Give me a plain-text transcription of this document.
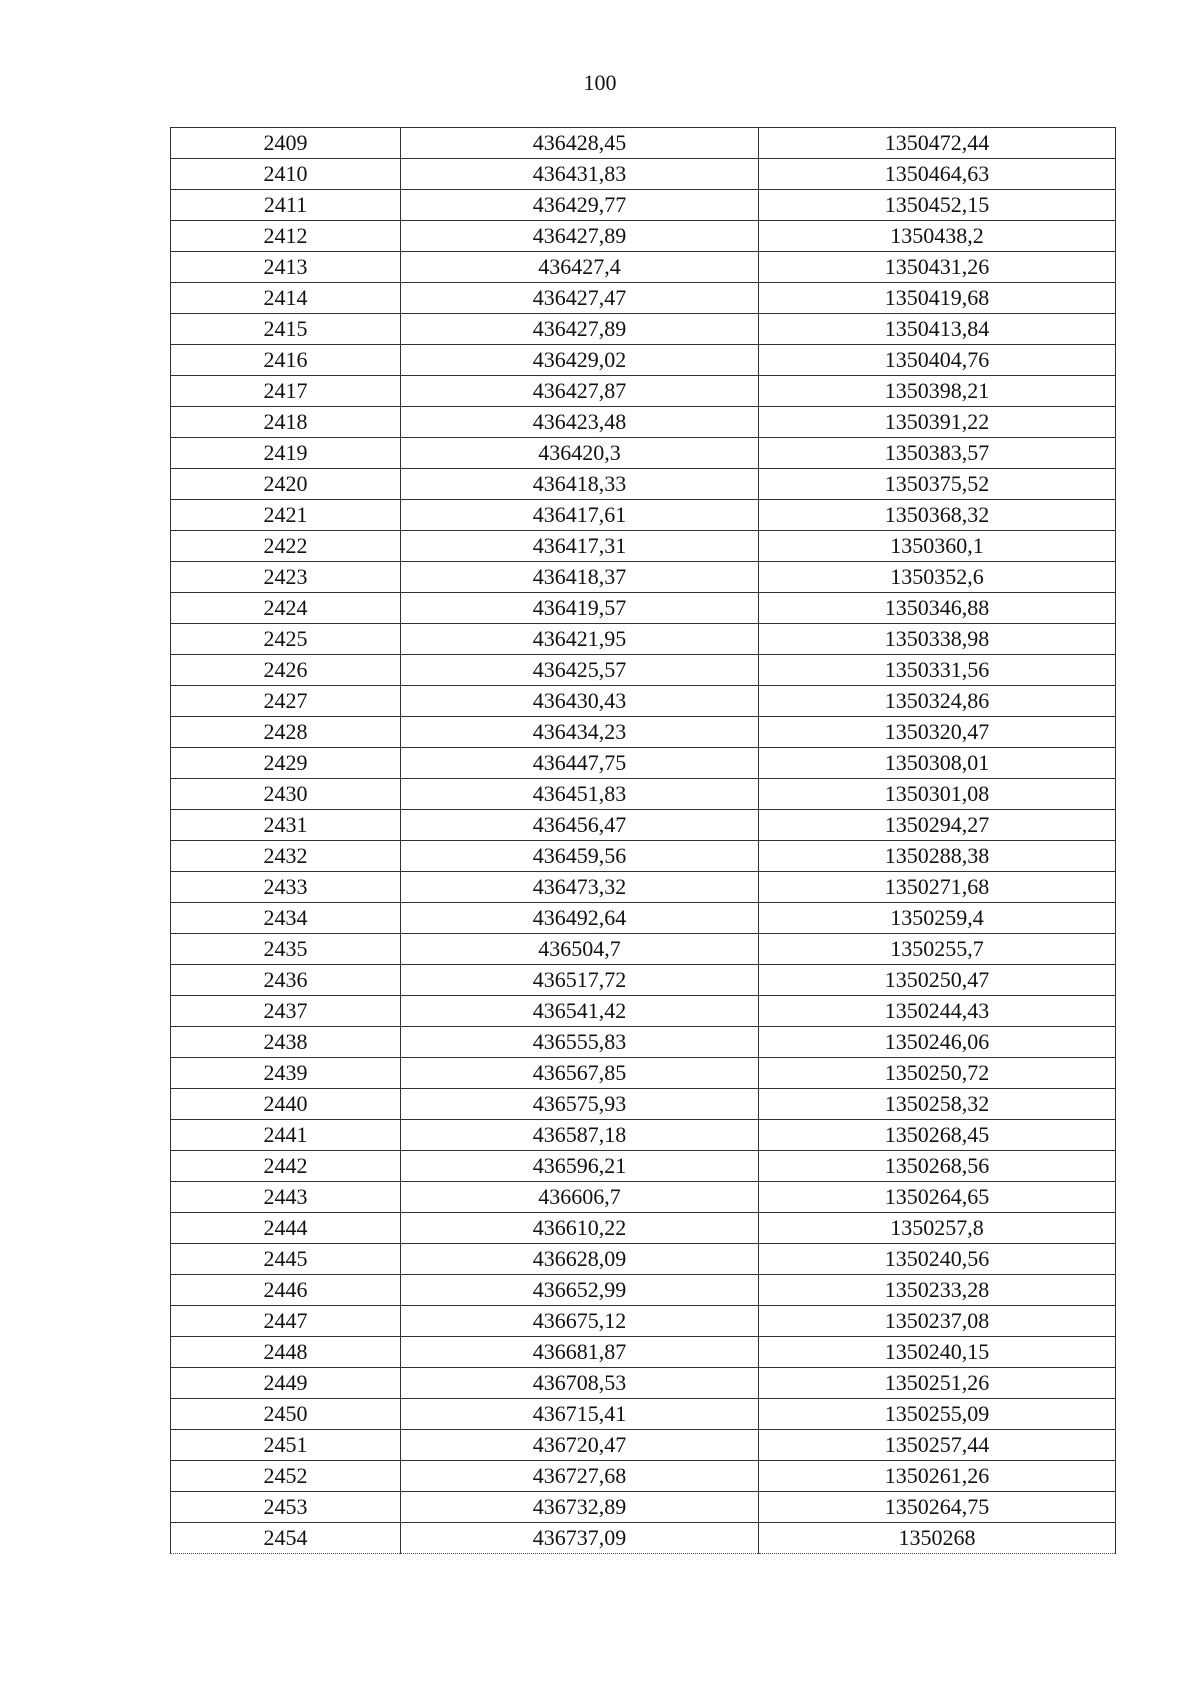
100
2409	436428,45	1350472,44
2410	436431,83	1350464,63
2411	436429,77	1350452,15
2412	436427,89	1350438,2
2413	436427,4	1350431,26
2414	436427,47	1350419,68
2415	436427,89	1350413,84
2416	436429,02	1350404,76
2417	436427,87	1350398,21
2418	436423,48	1350391,22
2419	436420,3	1350383,57
2420	436418,33	1350375,52
2421	436417,61	1350368,32
2422	436417,31	1350360,1
2423	436418,37	1350352,6
2424	436419,57	1350346,88
2425	436421,95	1350338,98
2426	436425,57	1350331,56
2427	436430,43	1350324,86
2428	436434,23	1350320,47
2429	436447,75	1350308,01
2430	436451,83	1350301,08
2431	436456,47	1350294,27
2432	436459,56	1350288,38
2433	436473,32	1350271,68
2434	436492,64	1350259,4
2435	436504,7	1350255,7
2436	436517,72	1350250,47
2437	436541,42	1350244,43
2438	436555,83	1350246,06
2439	436567,85	1350250,72
2440	436575,93	1350258,32
2441	436587,18	1350268,45
2442	436596,21	1350268,56
2443	436606,7	1350264,65
2444	436610,22	1350257,8
2445	436628,09	1350240,56
2446	436652,99	1350233,28
2447	436675,12	1350237,08
2448	436681,87	1350240,15
2449	436708,53	1350251,26
2450	436715,41	1350255,09
2451	436720,47	1350257,44
2452	436727,68	1350261,26
2453	436732,89	1350264,75
2454	436737,09	1350268
